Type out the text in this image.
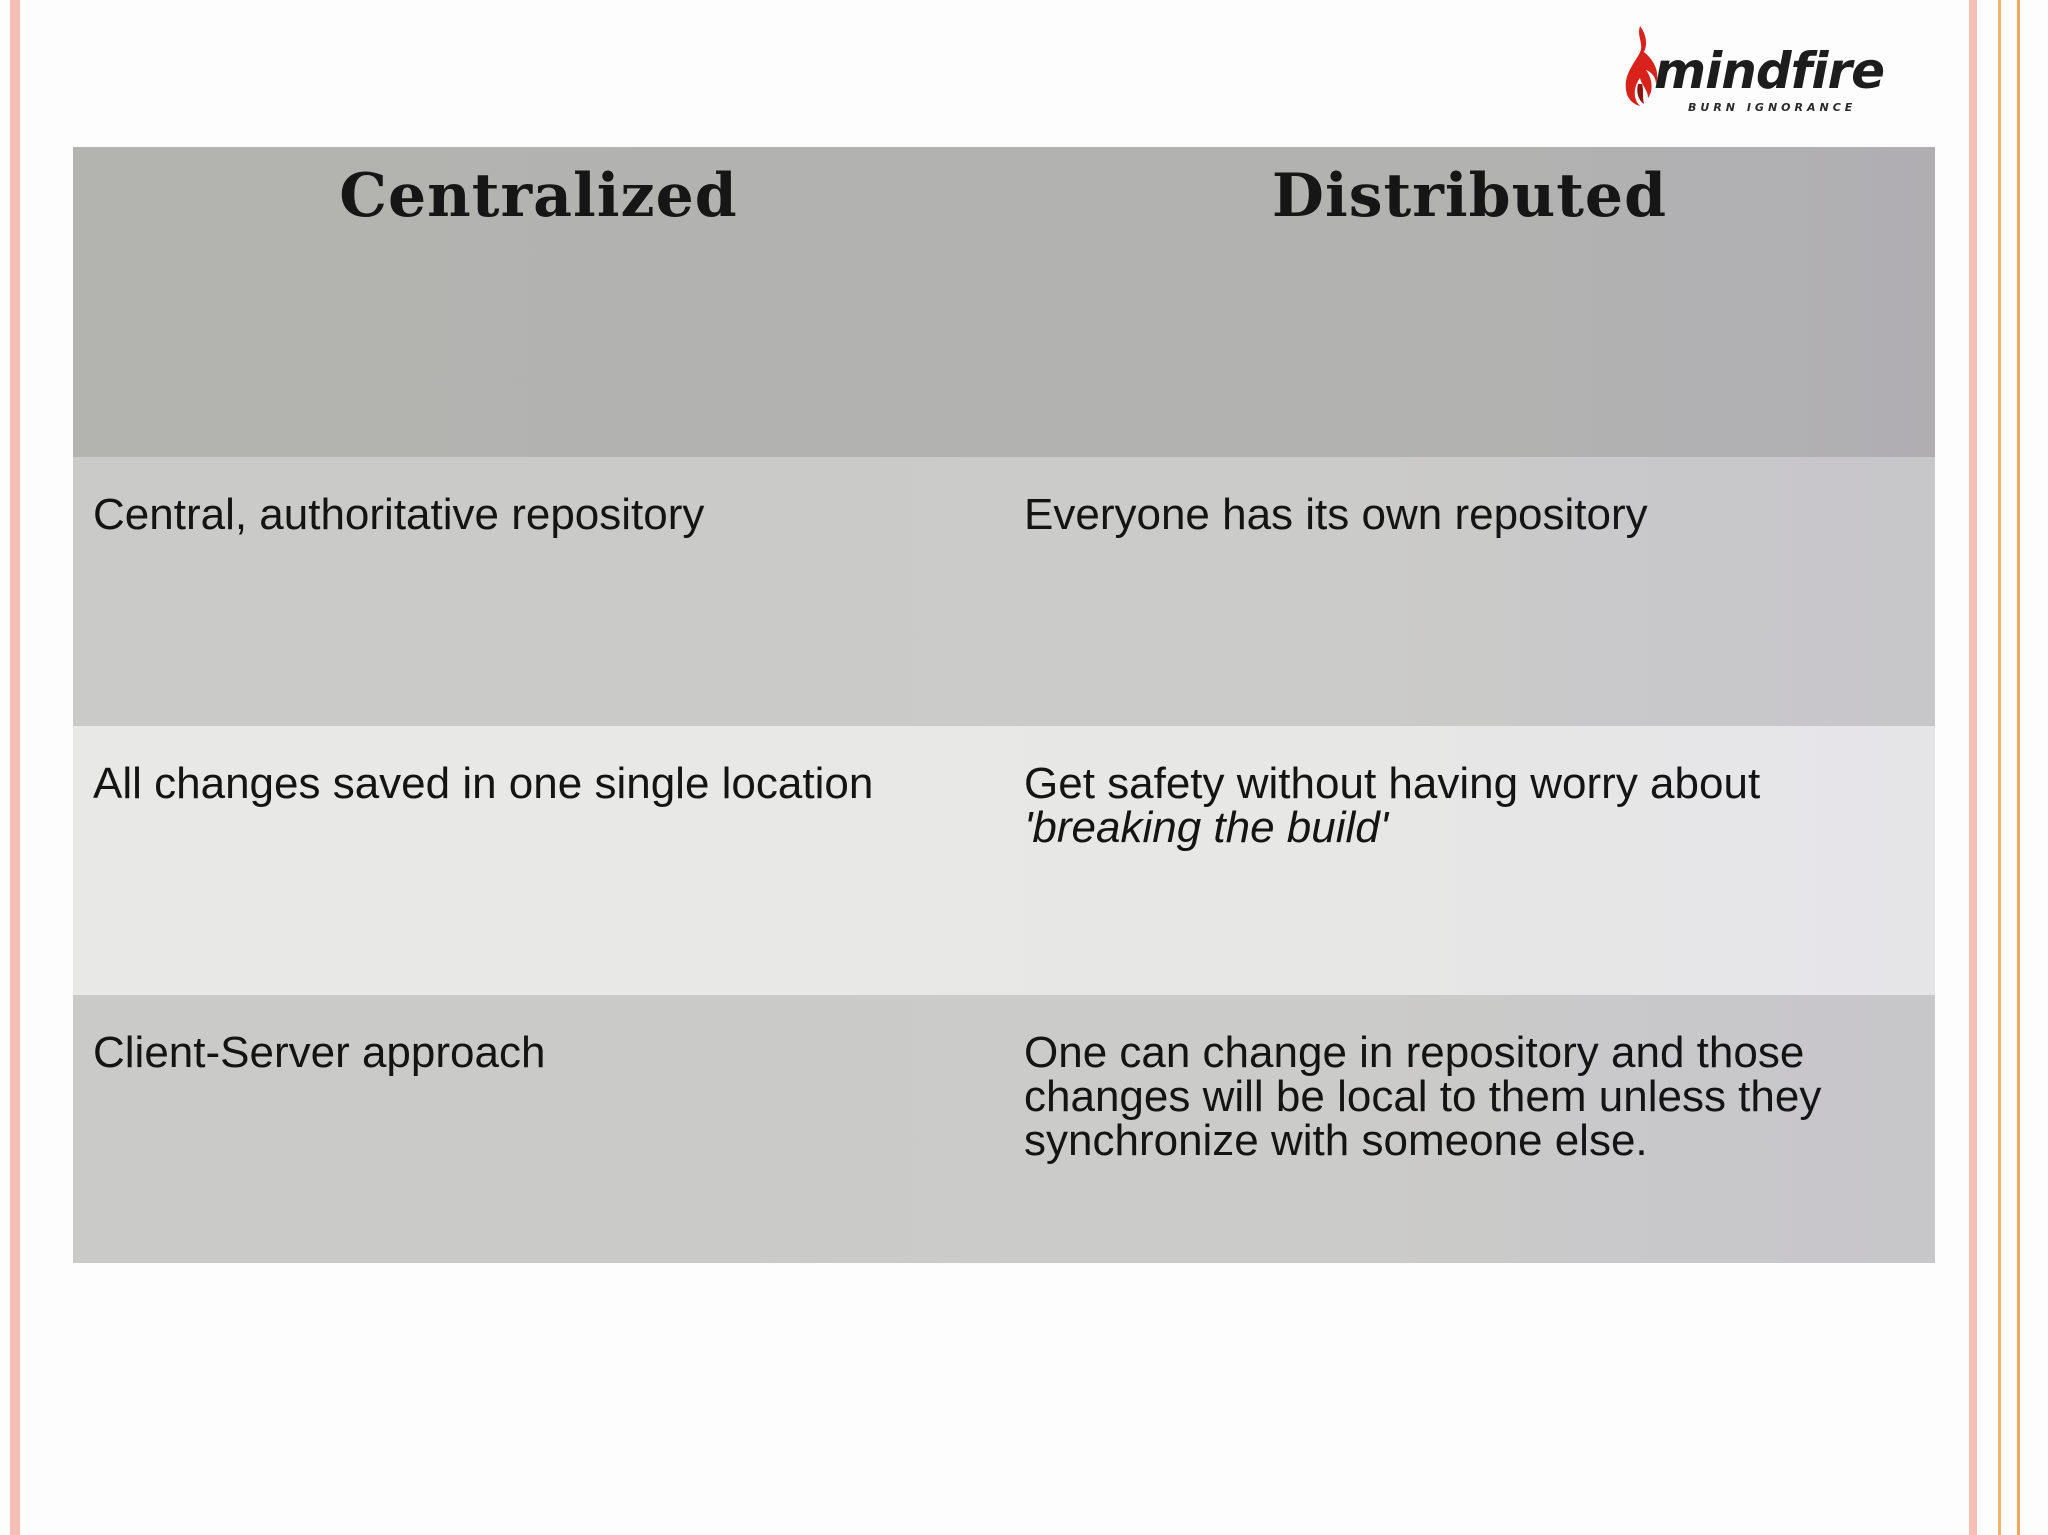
mindfire
BURN IGNORANCE
Centralized	Distributed
Central, authoritative repository	Everyone has its own repository
All changes saved in one single location	Get safety without having worry about
'breaking the build'
Client-Server approach	One can change in repository and those
changes will be local to them unless they
synchronize with someone else.
